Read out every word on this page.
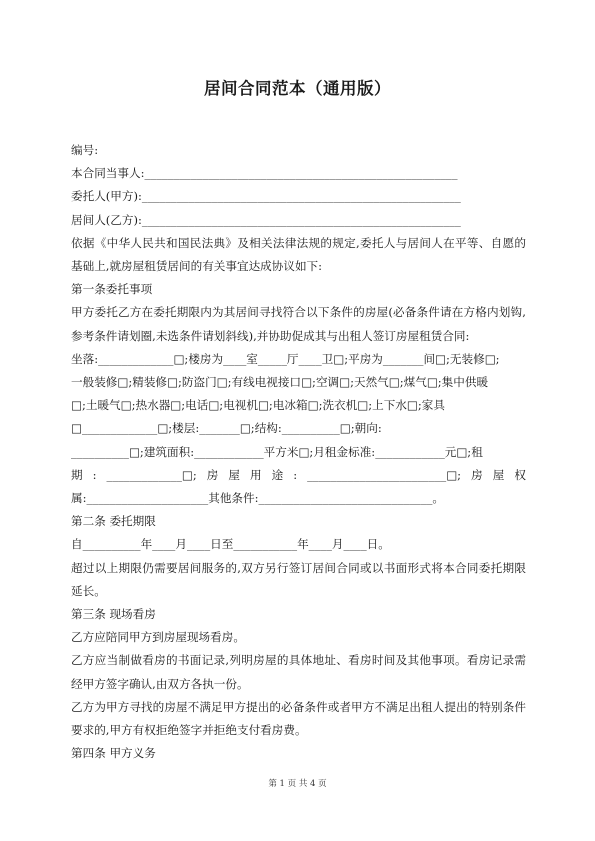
居间合同范本（通用版）
编号:
本合同当事人:______________________________________________________
委托人(甲方):_______________________________________________________
居间人(乙方):_______________________________________________________
依据《中华人民共和国民法典》及相关法律法规的规定,委托人与居间人在平等、自愿的基础上,就房屋租赁居间的有关事宜达成协议如下:
第一条委托事项
甲方委托乙方在委托期限内为其居间寻找符合以下条件的房屋(必备条件请在方格内划钩,参考条件请划圈,未选条件请划斜线),并协助促成其与出租人签订房屋租赁合同:
坐落:_____________□;楼房为____室_____厅____卫□;平房为_______间□;无装修□;
一般装修□;精装修□;防盗门□;有线电视接口□;空调□;天然气□;煤气□;集中供暖
□;土暖气□;热水器□;电话□;电视机□;电冰箱□;洗衣机□;上下水□;家具
□_____________□;楼层:_______□;结构:__________□;朝向:
__________□;建筑面积:____________平方米□;月租金标准:____________元□;租
期 : _____________□; 房 屋 用 途 : ________________________□; 房 屋 权
属:_____________________其他条件:______________________________。
第二条 委托期限
自__________年____月____日至___________年____月____日。
超过以上期限仍需要居间服务的,双方另行签订居间合同或以书面形式将本合同委托期限延长。
第三条 现场看房
乙方应陪同甲方到房屋现场看房。
乙方应当制做看房的书面记录,列明房屋的具体地址、看房时间及其他事项。看房记录需经甲方签字确认,由双方各执一份。
乙方为甲方寻找的房屋不满足甲方提出的必备条件或者甲方不满足出租人提出的特别条件要求的,甲方有权拒绝签字并拒绝支付看房费。
第四条 甲方义务
第 1 页 共 4 页
